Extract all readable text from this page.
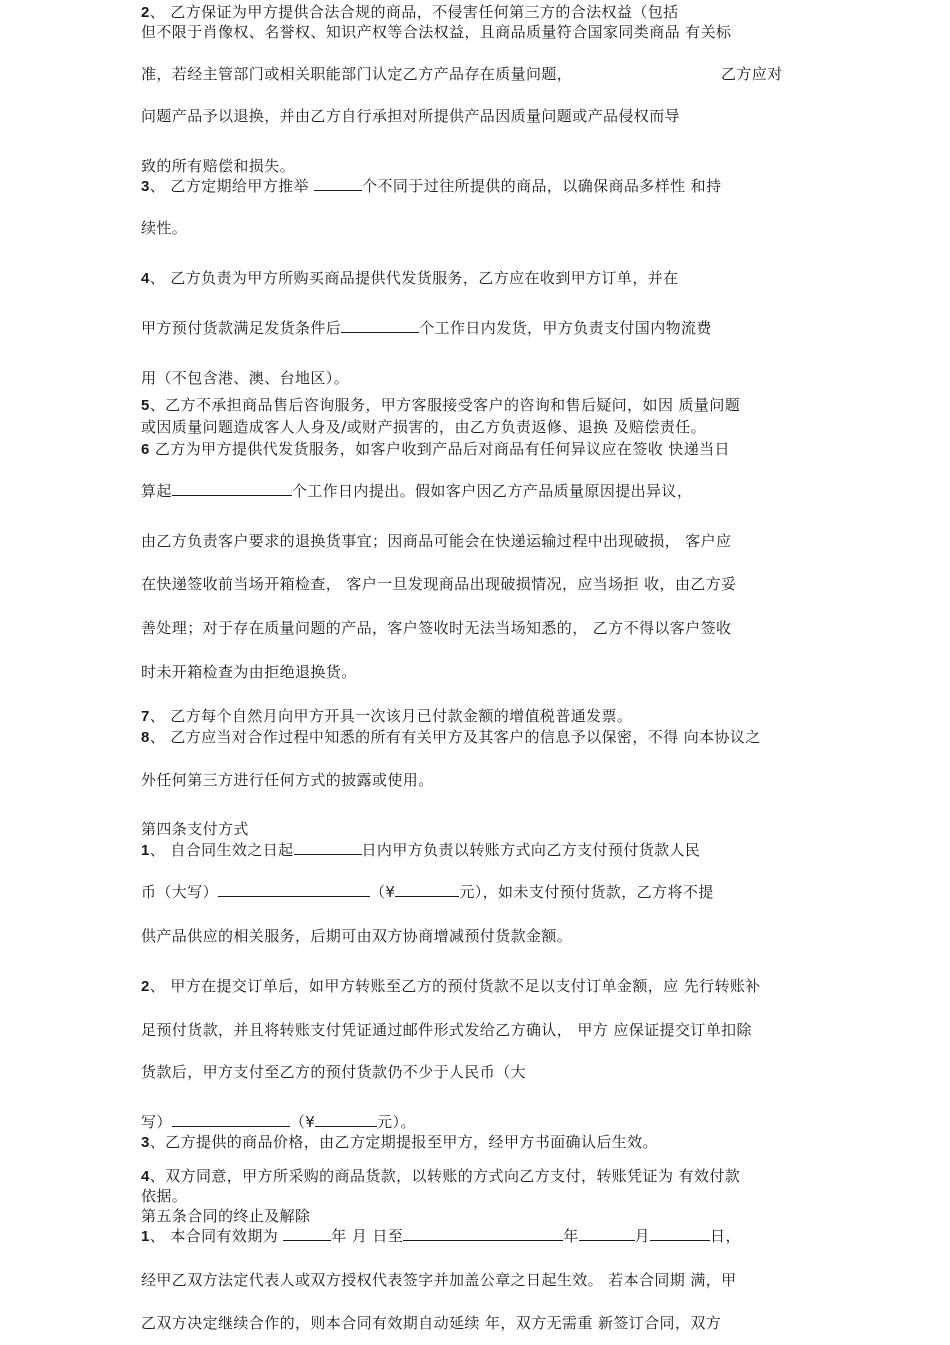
2、 乙方保证为甲方提供合法合规的商品，不侵害任何第三方的合法权益（包括
但不限于肖像权、名誉权、知识产权等合法权益，且商品质量符合国家同类商品 有关标
准，若经主管部门或相关职能部门认定乙方产品存在质量问题，	乙方应对
问题产品予以退换，并由乙方自行承担对所提供产品因质量问题或产品侵权而导
致的所有赔偿和损失。
3、 乙方定期给甲方推举	个不同于过往所提供的商品，以确保商品多样性 和持
续性。
4、 乙方负责为甲方所购买商品提供代发货服务，乙方应在收到甲方订单，并在
甲方预付货款满足发货条件后	个工作日内发货，甲方负责支付国内物流费
用（不包含港、澳、台地区）。
5、乙方不承担商品售后咨询服务，甲方客服接受客户的咨询和售后疑问，如因 质量问题
或因质量问题造成客人人身及/或财产损害的，由乙方负责返修、退换 及赔偿责任。
6 乙方为甲方提供代发货服务，如客户收到产品后对商品有任何异议应在签收 快递当日
算起	个工作日内提出。假如客户因乙方产品质量原因提出异议，
由乙方负责客户要求的退换货事宜；因商品可能会在快递运输过程中出现破损， 客户应
在快递签收前当场开箱检查， 客户一旦发现商品出现破损情况，应当场拒 收，由乙方妥
善处理；对于存在质量问题的产品，客户签收时无法当场知悉的， 乙方不得以客户签收
时未开箱检查为由拒绝退换货。
7、 乙方每个自然月向甲方开具一次该月已付款金额的增值税普通发票。
8、 乙方应当对合作过程中知悉的所有有关甲方及其客户的信息予以保密，不得 向本协议之
外任何第三方进行任何方式的披露或使用。
第四条支付方式
1、 自合同生效之日起	日内甲方负责以转账方式向乙方支付预付货款人民
币（大写）	（¥	元），如未支付预付货款，乙方将不提
供产品供应的相关服务，后期可由双方协商增减预付货款金额。
2、 甲方在提交订单后，如甲方转账至乙方的预付货款不足以支付订单金额，应 先行转账补
足预付货款，并且将转账支付凭证通过邮件形式发给乙方确认， 甲方 应保证提交订单扣除
货款后，甲方支付至乙方的预付货款仍不少于人民币（大
写）	（¥	元）。
3、乙方提供的商品价格，由乙方定期提报至甲方，经甲方书面确认后生效。
4、双方同意，甲方所采购的商品货款，以转账的方式向乙方支付，转账凭证为 有效付款
依据。
第五条合同的终止及解除
1、 本合同有效期为	年 月 日至	年	月	日，
经甲乙双方法定代表人或双方授权代表签字并加盖公章之日起生效。 若本合同期 满，甲
乙双方决定继续合作的，则本合同有效期自动延续 年，双方无需重 新签订合同，双方
